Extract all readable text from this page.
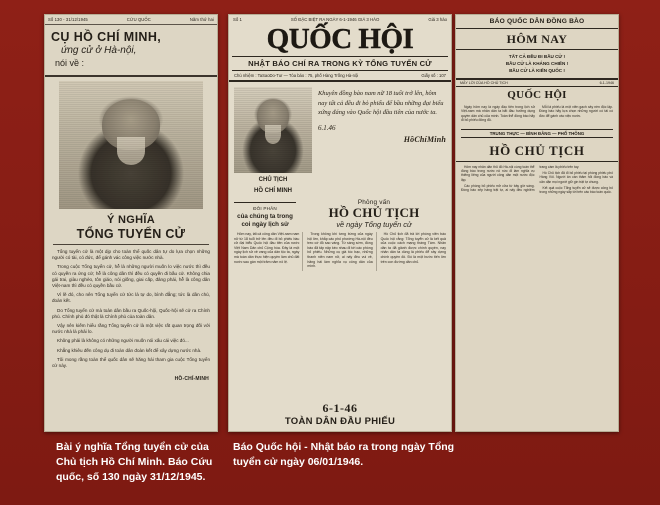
Số 130 - 31/12/1945	CỨU QUỐC	Năm thứ hai
CỤ HỒ CHÍ MINH,
ứng cử ở Hà-nội,
nói về :
Ý NGHĨA
TỔNG TUYỂN CỬ

Tổng tuyển cử là một dịp cho toàn thể quốc dân tự do lựa chọn những người có tài, có đức, để gánh vác công việc nước nhà.

Trong cuộc Tổng tuyển cử, hễ là những người muốn lo việc nước thì đều có quyền ra ứng cử; hễ là công dân thì đều có quyền đi bầu cử. Không chia gái trai, giàu nghèo, tôn giáo, nòi giống, giai cấp, đảng phái, hễ là công dân Việt-nam thì đều có quyền bầu cử.

Vì lẽ đó, cho nên Tổng tuyển cử tức là tự do, bình đẳng; tức là dân chủ, đoàn kết.

Do Tổng tuyển cử mà toàn dân bầu ra Quốc-hội, Quốc-hội sẽ cử ra Chính phủ. Chính phủ đó thật là Chính phủ của toàn dân.

Vậy nên kiếm hiểu rằng Tổng tuyển cử là một việc rất quan trọng đối với nước nhà là phải lo.

Không phải là không có những người muốn nói xấu cái việc đó...

Khẳng khiêu đến công dụ đi toàn dân đoàn kết để xây dựng nước nhà.

Tôi mong rằng toàn thể quốc dân sẽ hăng hái tham gia cuộc Tổng tuyển cử này.

HỒ-CHÍ-MINH
Số 1	SỐ ĐẶC BIỆT RA NGÀY 6-1-1946 GIÁ 3 HÀO	Giá 3 hào
QUỐC HỘI
NHẬT BÁO CHÍ RA TRONG KỲ TỔNG TUYỂN CỬ
Chủ nhiệm : TaSaoDo-Tur — Tòa báo : 75, phố Hàng Trống Hà-nội	Giấy số : 107
CHỦ TỊCH
HỒ CHÍ MINH
Khuyên đồng bào nam nữ 18 tuổi trở lên, hôm nay tất cả đều đi bỏ phiếu để bầu những đại biểu xứng đáng vào Quốc hội đầu tiên của nước ta.
6.1.46
HồChíMinh
ĐÔI PHÂN
của chúng ta trong
coi ngày lịch sử
Phỏng vấn
HỒ CHỦ TỊCH
về ngày Tổng tuyển cử

Hôm nay, tất cả công dân Việt-nam nam nữ từ 18 tuổi trở lên đều đi bỏ phiếu bầu cử đại biểu Quốc hội đầu tiên của nước Việt Nam Dân chủ Cộng hòa. Đây là một ngày lịch sử vẻ vang của dân tộc ta, ngày mà toàn dân thực hiện quyền làm chủ đất nước sau gần một trăm năm nô lệ.

Trong không khí tưng bừng của ngày hội lớn, khắp các phố phường Hà-nội đều treo cờ đỏ sao vàng. Từ sáng sớm, đồng bào đã tấp nập kéo nhau đi tới các phòng bỏ phiếu. Những cụ già tóc bạc, những thanh niên nam nữ, ai nấy đều vui vẻ, hăng hái làm nghĩa vụ công dân của mình.

Hồ Chủ tịch đã trả lời phóng viên báo Quốc hội rằng: Tổng tuyển cử là kết quả của cuộc cách mạng tháng Tám. Nhân dân ta đã giành được chính quyền, nay nhân dân ta dùng lá phiếu để xây dựng chính quyền đó. Đó là một bước tiến lớn trên con đường dân chủ.

6-1-46
TOÀN DÂN ĐẦU PHIẾU
BÁO QUỐC DÂN ĐỒNG BÀO
HÔM NAY
TẤT CẢ ĐỀU ĐI BẦU CỬ !
BẦU CỬ LÀ KHÁNG CHIẾN !
BẦU CỬ LÀ KIẾN QUỐC !
MẤY LỜI CỦA HỒ CHỦ TỊCH	6-1-1946
QUỐC HỘI

Ngày hôm nay là ngày đầu tiên trong lịch sử Việt-nam mà nhân dân ta bắt đầu hưởng dụng quyền dân chủ của mình. Toàn thể đồng bào hãy đi bỏ phiếu đông đủ.

Mỗi lá phiếu là một viên gạch xây nền độc lập. Đồng bào hãy lựa chọn những người có tài có đức để gánh vác việc nước.

TRUNG THỰC — BÌNH ĐẲNG — PHỔ THÔNG
HỒ CHỦ TỊCH

Hôm nay nhân dân thủ đô Hà-nội cùng toàn thể đồng bào trong nước nô nức đi làm nghĩa vụ thiêng liêng của người công dân một nước độc lập.

Các phòng bỏ phiếu mở cửa từ bảy giờ sáng. Đồng bào xếp hàng trật tự, ai nấy đều nghiêm trang cầm lá phiếu trên tay.

Hồ Chủ tịch đã đi bỏ phiếu tại phòng phiếu phố Hàng Vôi. Người ân cần thăm hỏi đồng bào và căn dặn mọi người giữ gìn trật tự chung.

Kết quả cuộc Tổng tuyển cử sẽ được công bố trong những ngày sắp tới trên các báo toàn quốc.

Bài ý nghĩa Tổng tuyển cử của Chủ tịch Hồ Chí Minh. Báo Cứu quốc, số 130 ngày 31/12/1945.
Báo Quốc hội - Nhật báo ra trong ngày Tổng tuyển cử ngày 06/01/1946.
